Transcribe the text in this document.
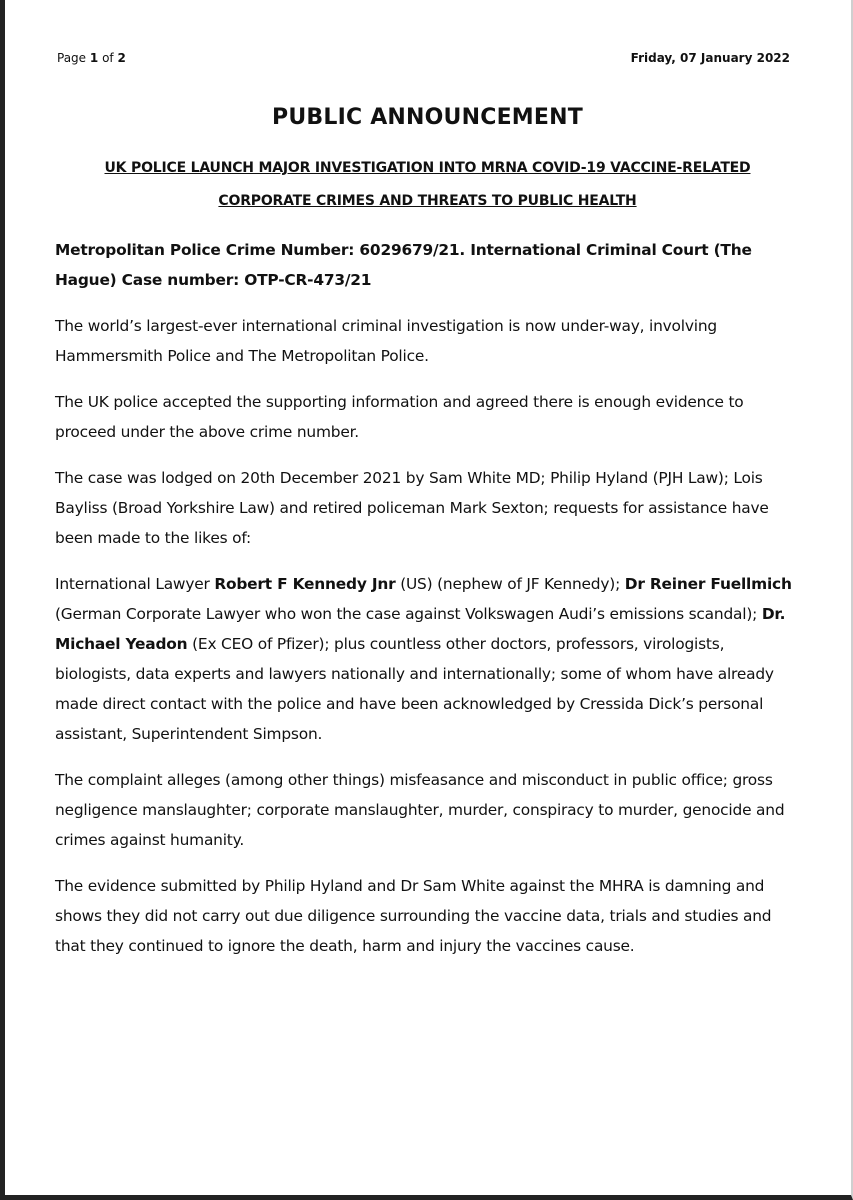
Page 1 of 2	Friday, 07 January 2022
PUBLIC ANNOUNCEMENT
UK POLICE LAUNCH MAJOR INVESTIGATION INTO MRNA COVID-19 VACCINE-RELATED
CORPORATE CRIMES AND THREATS TO PUBLIC HEALTH

Metropolitan Police Crime Number: 6029679/21. International Criminal Court (The Hague) Case number: OTP-CR-473/21

The world’s largest-ever international criminal investigation is now under-way, involving Hammersmith Police and The Metropolitan Police.

The UK police accepted the supporting information and agreed there is enough evidence to proceed under the above crime number.

The case was lodged on 20th December 2021 by Sam White MD; Philip Hyland (PJH Law); Lois Bayliss (Broad Yorkshire Law) and retired policeman Mark Sexton; requests for assistance have been made to the likes of:

International Lawyer Robert F Kennedy Jnr (US) (nephew of JF Kennedy); Dr Reiner Fuellmich (German Corporate Lawyer who won the case against Volkswagen Audi’s emissions scandal); Dr. Michael Yeadon (Ex CEO of Pfizer); plus countless other doctors, professors, virologists, biologists, data experts and lawyers nationally and internationally; some of whom have already made direct contact with the police and have been acknowledged by Cressida Dick’s personal assistant, Superintendent Simpson.

The complaint alleges (among other things) misfeasance and misconduct in public office; gross negligence manslaughter; corporate manslaughter, murder, conspiracy to murder, genocide and crimes against humanity.

The evidence submitted by Philip Hyland and Dr Sam White against the MHRA is damning and shows they did not carry out due diligence surrounding the vaccine data, trials and studies and that they continued to ignore the death, harm and injury the vaccines cause.
